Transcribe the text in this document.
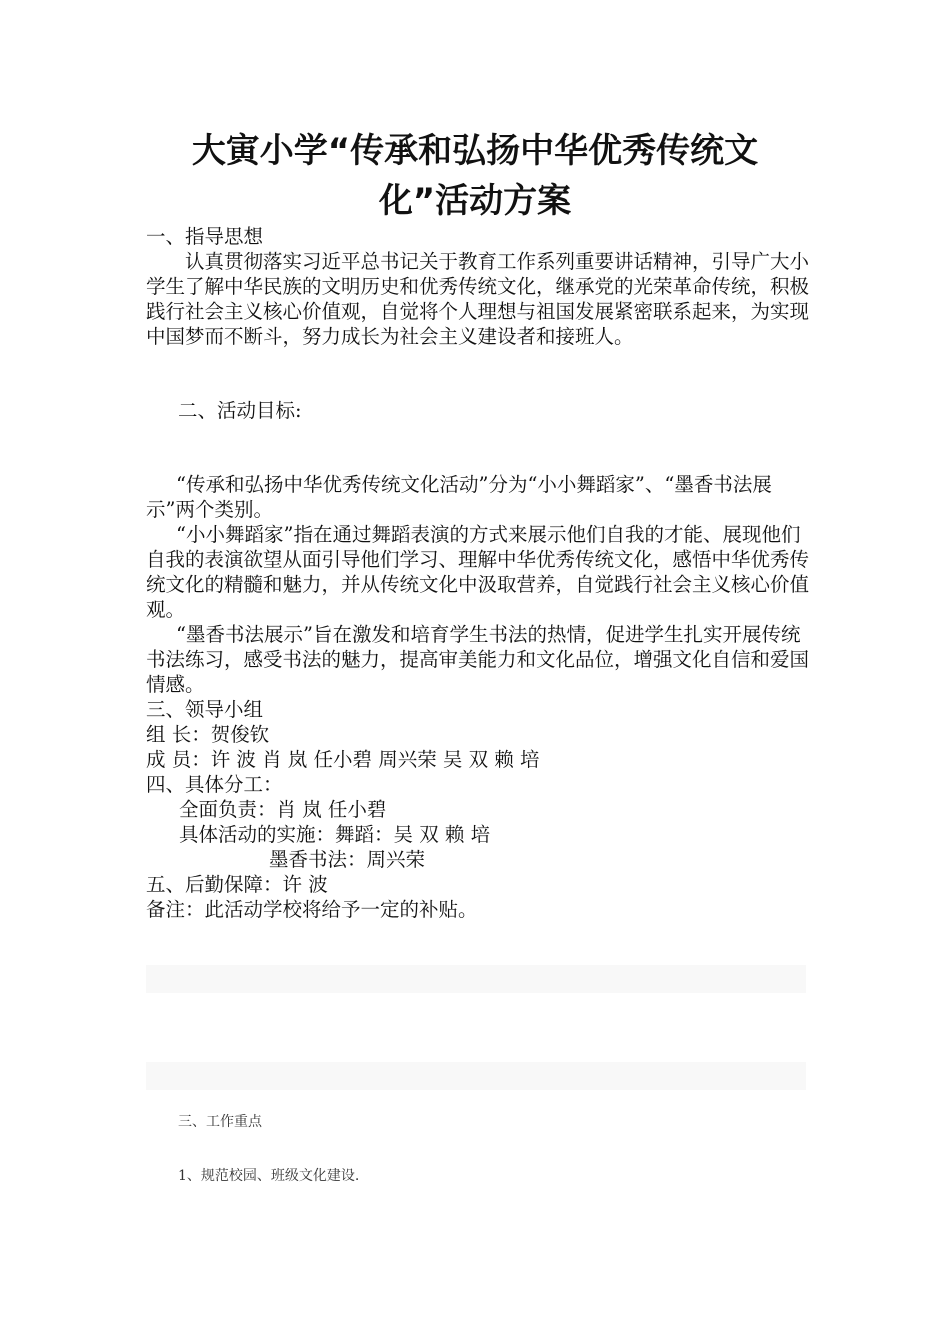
大寅小学“传承和弘扬中华优秀传统文
化”活动方案
一、指导思想
认真贯彻落实习近平总书记关于教育工作系列重要讲话精神，引导广大小学生了解中华民族的文明历史和优秀传统文化，继承党的光荣革命传统，积极践行社会主义核心价值观，自觉将个人理想与祖国发展紧密联系起来，为实现中国梦而不断斗，努力成长为社会主义建设者和接班人。
二、活动目标:
“传承和弘扬中华优秀传统文化活动”分为“小小舞蹈家”、“墨香书法展示”两个类别。
“小小舞蹈家”指在通过舞蹈表演的方式来展示他们自我的才能、展现他们自我的表演欲望从面引导他们学习、理解中华优秀传统文化，感悟中华优秀传统文化的精髓和魅力，并从传统文化中汲取营养，自觉践行社会主义核心价值观。
“墨香书法展示”旨在激发和培育学生书法的热情，促进学生扎实开展传统书法练习，感受书法的魅力，提高审美能力和文化品位，增强文化自信和爱国情感。
三、领导小组
组 长：贺俊钦
成 员：许 波 肖 岚 任小碧 周兴荣 吴 双 赖 培
四、具体分工：
全面负责：肖 岚 任小碧
具体活动的实施：舞蹈：吴 双 赖 培
墨香书法：周兴荣
五、后勤保障：许 波
备注：此活动学校将给予一定的补贴。
三、工作重点
1、规范校园、班级文化建设.
